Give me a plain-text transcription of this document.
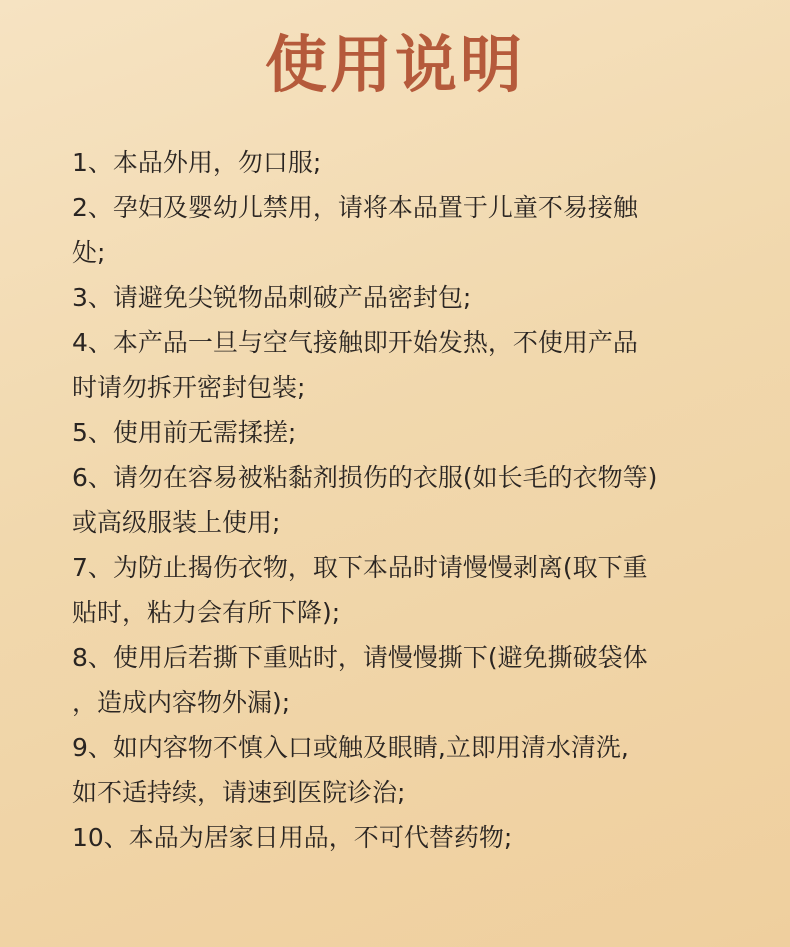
使用说明
1、本品外用，勿口服;
2、孕妇及婴幼儿禁用，请将本品置于儿童不易接触
处;
3、请避免尖锐物品刺破产品密封包;
4、本产品一旦与空气接触即开始发热，不使用产品
时请勿拆开密封包装;
5、使用前无需揉搓;
6、请勿在容易被粘黏剂损伤的衣服(如长毛的衣物等)
或高级服装上使用;
7、为防止揭伤衣物，取下本品时请慢慢剥离(取下重
贴时，粘力会有所下降);
8、使用后若撕下重贴时，请慢慢撕下(避免撕破袋体
，造成内容物外漏);
9、如内容物不慎入口或触及眼睛,立即用清水清洗,
如不适持续，请速到医院诊治;
10、本品为居家日用品，不可代替药物;
